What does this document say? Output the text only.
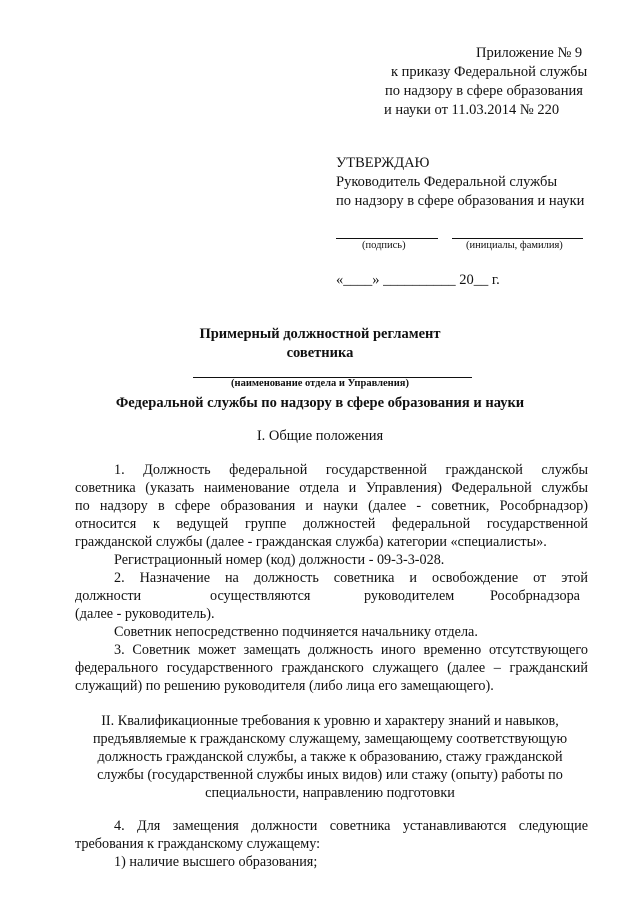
Приложение № 9
к приказу Федеральной службы
по надзору в сфере образования
и науки от 11.03.2014 № 220
УТВЕРЖДАЮ
Руководитель Федеральной службы
по надзору в сфере образования и науки
(подпись)	(инициалы, фамилия)
«____» __________ 20__ г.
Примерный должностной регламент
советника
(наименование отдела и Управления)
Федеральной службы по надзору в сфере образования и науки
I. Общие положения
1. Должность федеральной государственной гражданской службы
советника (указать наименование отдела и Управления) Федеральной службы
по надзору в сфере образования и науки (далее - советник, Рособрнадзор)
относится к ведущей группе должностей федеральной государственной
гражданской службы (далее - гражданская служба) категории «специалисты».
Регистрационный номер (код) должности - 09-3-3-028.
2. Назначение на должность советника и освобождение от этой
должности	осуществляются	руководителем	Рособрнадзора
(далее - руководитель).
Советник непосредственно подчиняется начальнику отдела.
3. Советник может замещать должность иного временно отсутствующего
федерального государственного гражданского служащего (далее – гражданский
служащий) по решению руководителя (либо лица его замещающего).
II. Квалификационные требования к уровню и характеру знаний и навыков,
предъявляемые к гражданскому служащему, замещающему соответствующую
должность гражданской службы, а также к образованию, стажу гражданской
службы (государственной службы иных видов) или стажу (опыту) работы по
специальности, направлению подготовки
4. Для замещения должности советника устанавливаются следующие
требования к гражданскому служащему:
1) наличие высшего образования;
